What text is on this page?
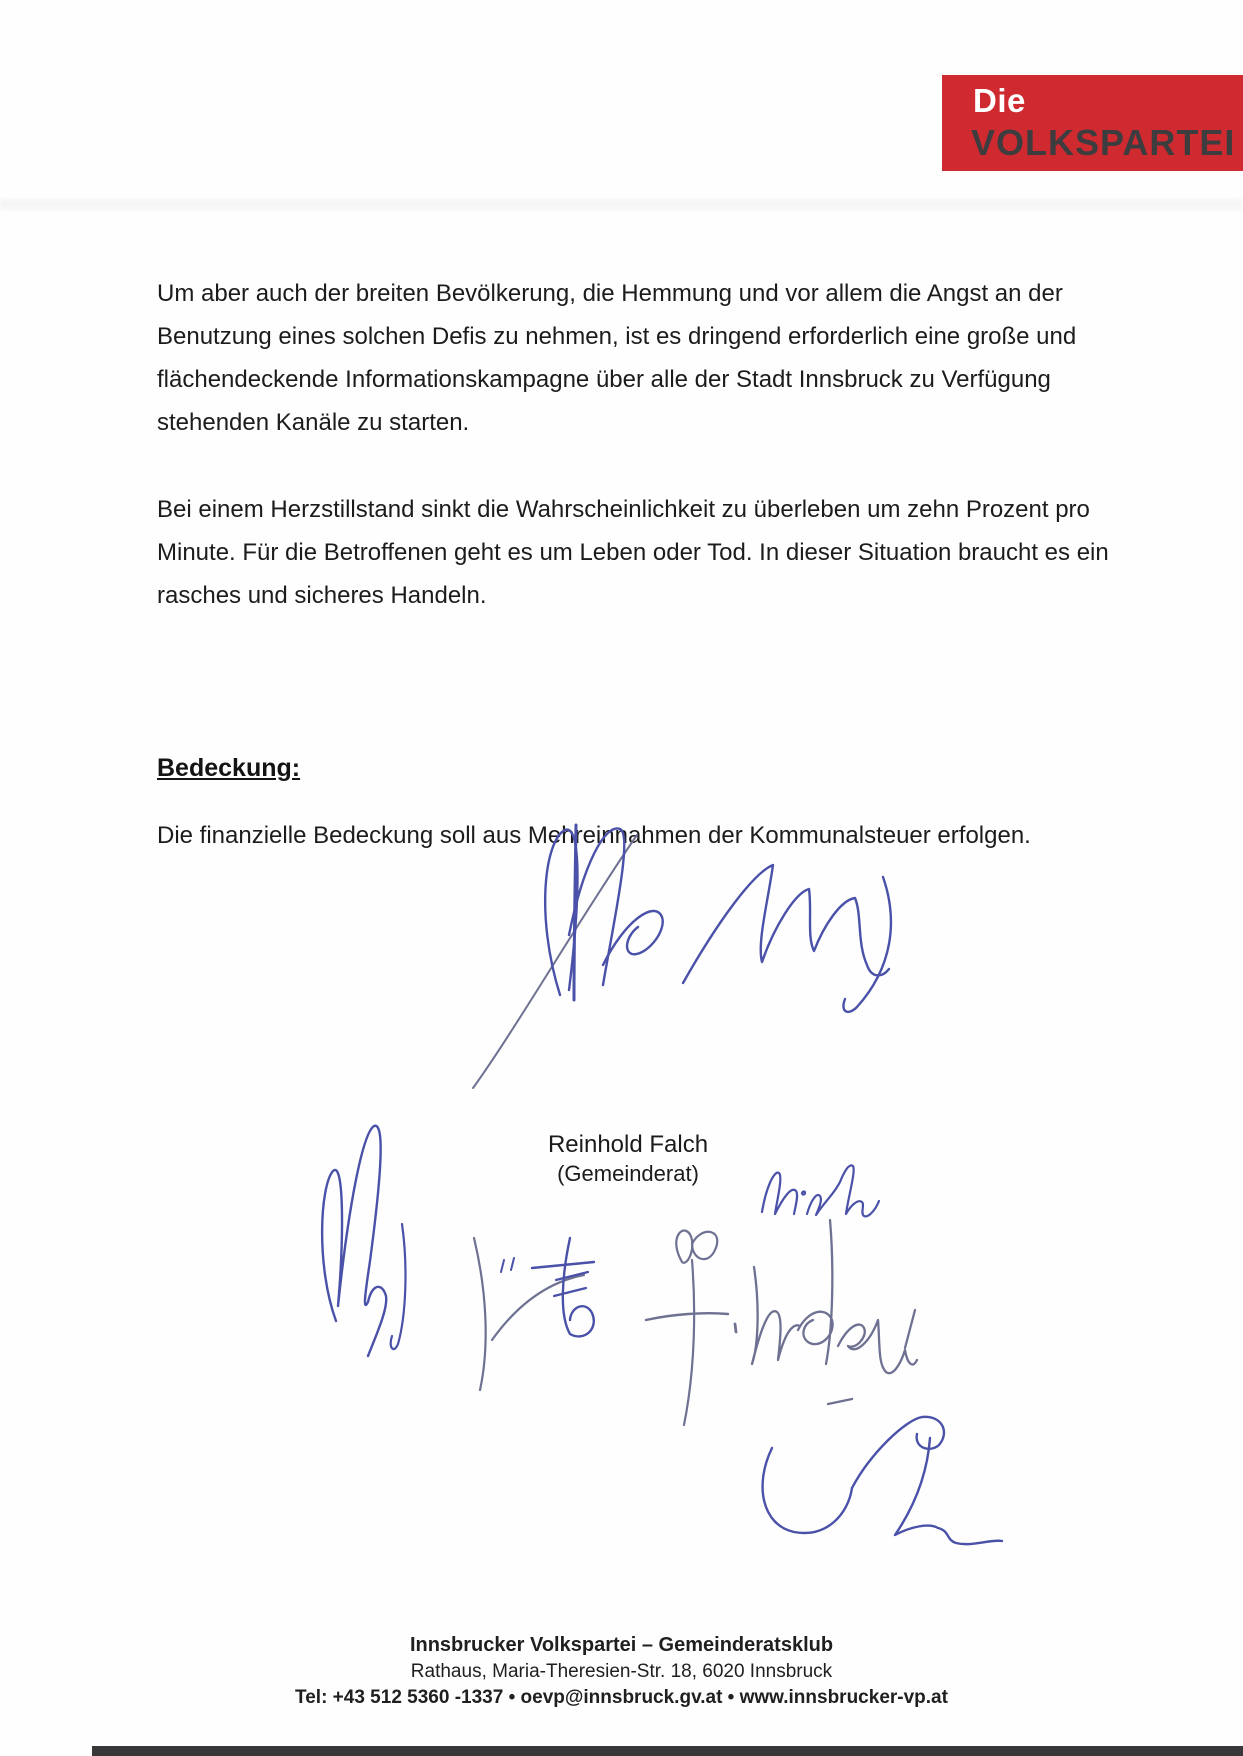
Die
VOLKSPARTEI
Um aber auch der breiten Bevölkerung, die Hemmung und vor allem die Angst an der Benutzung eines solchen Defis zu nehmen, ist es dringend erforderlich eine große und flächendeckende Informationskampagne über alle der Stadt Innsbruck zu Verfügung stehenden Kanäle zu starten.
Bei einem Herzstillstand sinkt die Wahrscheinlichkeit zu überleben um zehn Prozent pro Minute. Für die Betroffenen geht es um Leben oder Tod. In dieser Situation braucht es ein rasches und sicheres Handeln.
Bedeckung:
Die finanzielle Bedeckung soll aus Mehreinnahmen der Kommunalsteuer erfolgen.
Reinhold Falch
(Gemeinderat)
Innsbrucker Volkspartei – Gemeinderatsklub
Rathaus, Maria-Theresien-Str. 18, 6020 Innsbruck
Tel: +43 512 5360 -1337 • oevp@innsbruck.gv.at • www.innsbrucker-vp.at
